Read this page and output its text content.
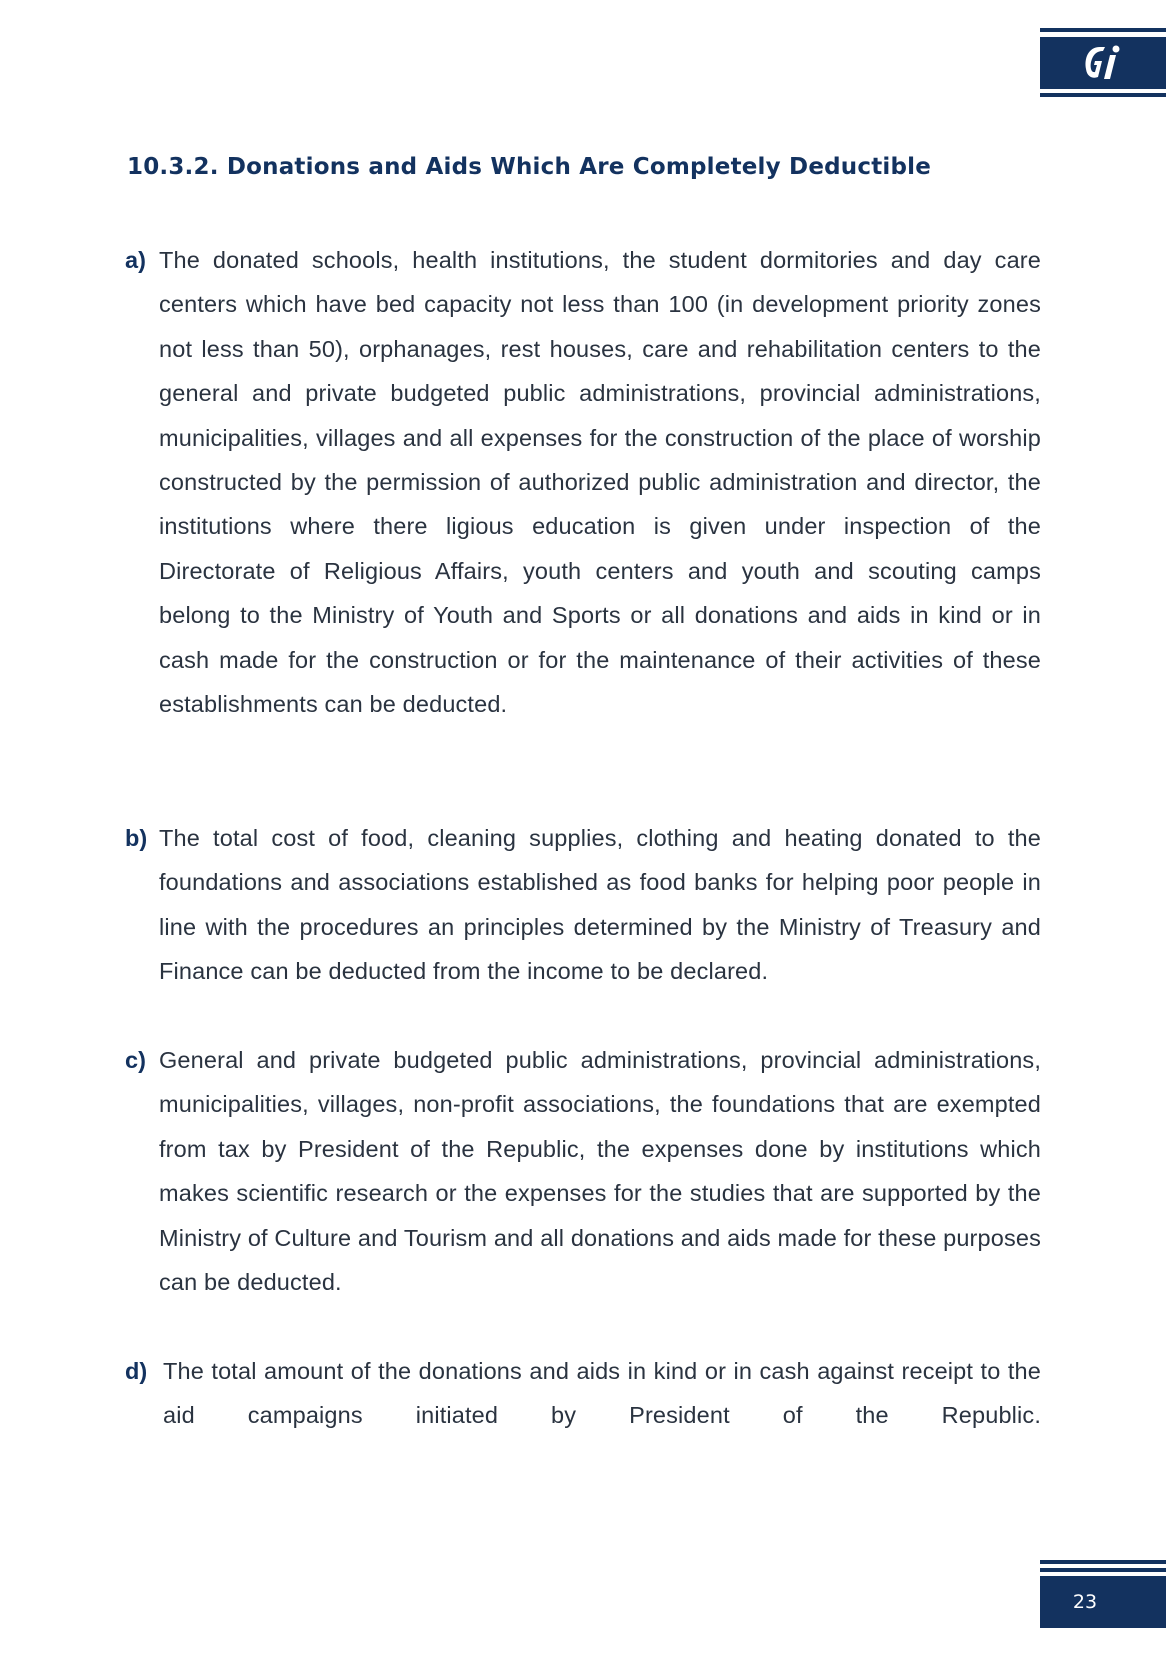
10.3.2. Donations and Aids Which Are Completely Deductible
a) The donated schools, health institutions, the student dormitories and day care centers which have bed capacity not less than 100 (in development priority zones not less than 50), orphanages, rest houses, care and rehabilitation centers to the general and private budgeted public administrations, provincial administrations, municipalities, villages and all expenses for the construction of the place of worship constructed by the permission of authorized public administration and director, the institutions where there ligious education is given under inspection of the Directorate of Religious Affairs, youth centers and youth and scouting camps belong to the Ministry of Youth and Sports or all donations and aids in kind or in cash made for the construction or for the maintenance of their activities of these establishments can be deducted.
b) The total cost of food, cleaning supplies, clothing and heating donated to the foundations and associations established as food banks for helping poor people in line with the procedures an principles determined by the Ministry of Treasury and Finance can be deducted from the income to be declared.
c) General and private budgeted public administrations, provincial administrations, municipalities, villages, non-profit associations, the foundations that are exempted from tax by President of the Republic, the expenses done by institutions which makes scientific research or the expenses for the studies that are supported by the Ministry of Culture and Tourism and all donations and aids made for these purposes can be deducted.
d) The total amount of the donations and aids in kind or in cash against receipt to the aid campaigns initiated by President of the Republic.
23
